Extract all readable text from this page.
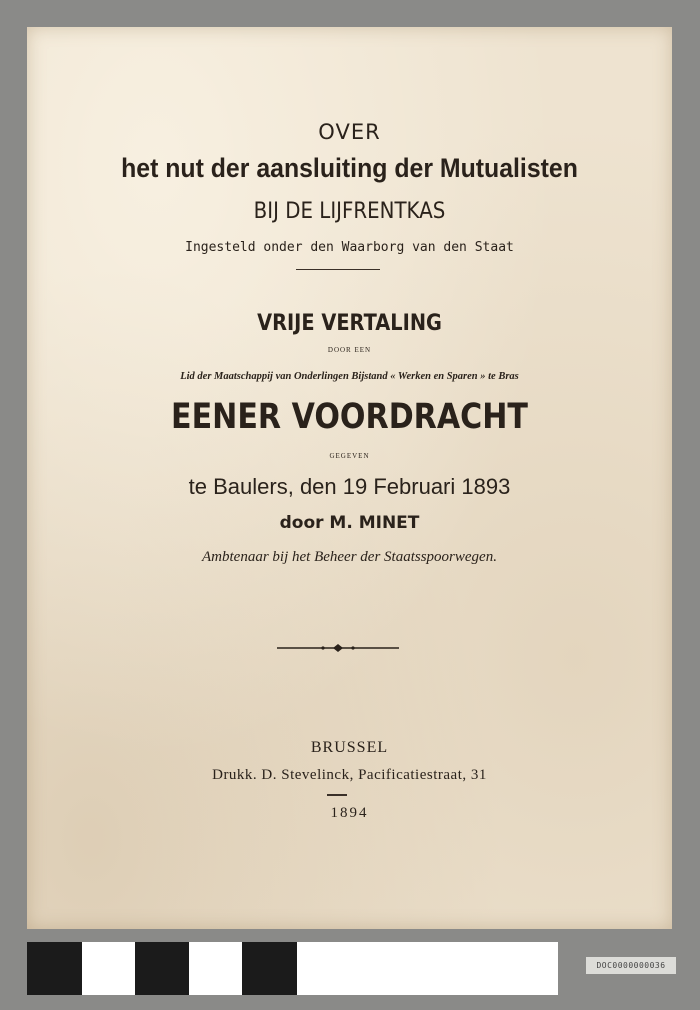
OVER
het nut der aansluiting der Mutualisten
BIJ DE LIJFRENTKAS
Ingesteld onder den Waarborg van den Staat
VRIJE VERTALING
DOOR EEN
Lid der Maatschappij van Onderlingen Bijstand « Werken en Sparen » te Bras
EENER VOORDRACHT
GEGEVEN
te Baulers, den 19 Februari 1893
door M. MINET
Ambtenaar bij het Beheer der Staatsspoorwegen.
BRUSSEL
Drukk. D. Stevelinck, Pacificatiestraat, 31
1894
DOC0000000036
